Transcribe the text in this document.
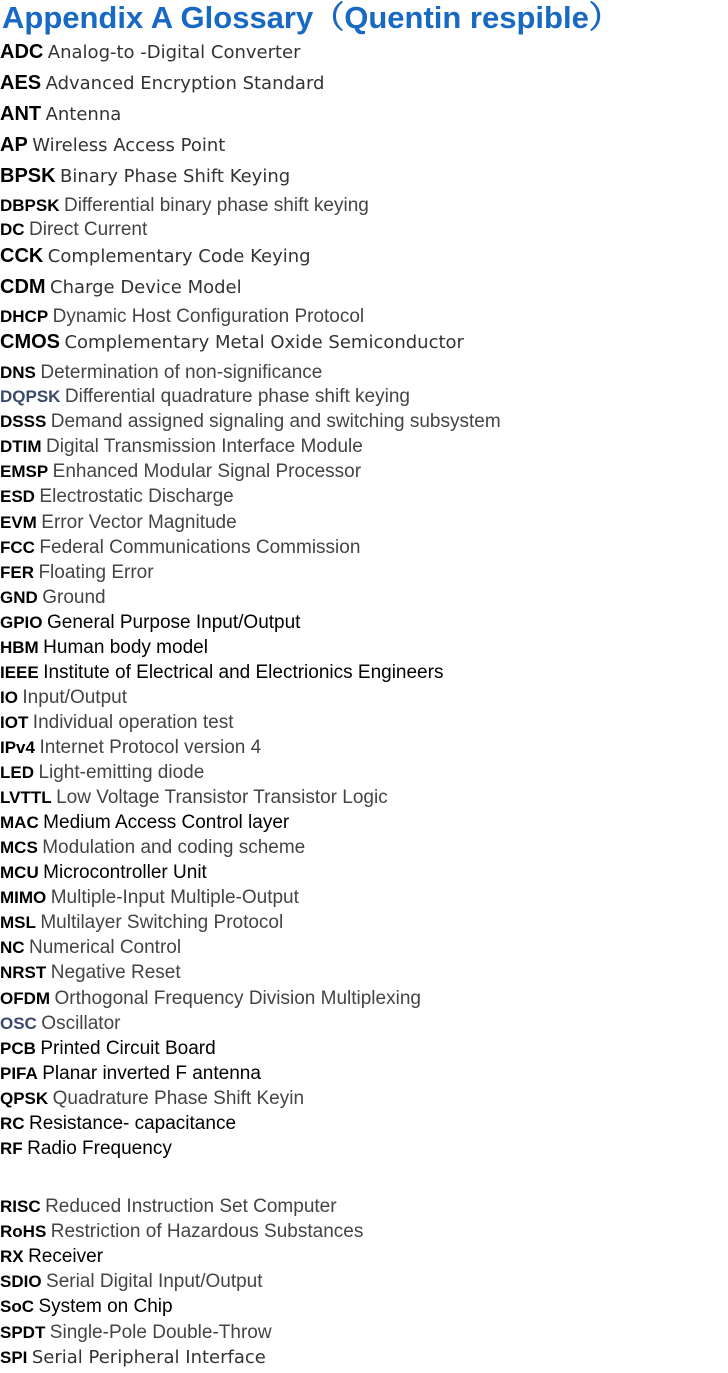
Appendix A Glossary（Quentin respible）
ADC Analog-to -Digital Converter
AES Advanced Encryption Standard
ANT Antenna
AP Wireless Access Point
BPSK Binary Phase Shift Keying
DBPSK Differential binary phase shift keying
DC Direct Current
CCK Complementary Code Keying
CDM Charge Device Model
DHCP Dynamic Host Configuration Protocol
CMOS Complementary Metal Oxide Semiconductor
DNS Determination of non-significance
DQPSK Differential quadrature phase shift keying
DSSS Demand assigned signaling and switching subsystem
DTIM Digital Transmission Interface Module
EMSP Enhanced Modular Signal Processor
ESD Electrostatic Discharge
EVM Error Vector Magnitude
FCC Federal Communications Commission
FER Floating Error
GND Ground
GPIO General Purpose Input/Output
HBM Human body model
IEEE Institute of Electrical and Electrionics Engineers
IO Input/Output
IOT Individual operation test
IPv4 Internet Protocol version 4
LED Light-emitting diode
LVTTL Low Voltage Transistor Transistor Logic
MAC Medium Access Control layer
MCS Modulation and coding scheme
MCU Microcontroller Unit
MIMO Multiple-Input Multiple-Output
MSL Multilayer Switching Protocol
NC Numerical Control
NRST Negative Reset
OFDM Orthogonal Frequency Division Multiplexing
OSC Oscillator
PCB Printed Circuit Board
PIFA Planar inverted F antenna
QPSK Quadrature Phase Shift Keyin
RC Resistance- capacitance
RF Radio Frequency
RISC Reduced Instruction Set Computer
RoHS Restriction of Hazardous Substances
RX Receiver
SDIO Serial Digital Input/Output
SoC System on Chip
SPDT Single-Pole Double-Throw
SPI Serial Peripheral Interface
